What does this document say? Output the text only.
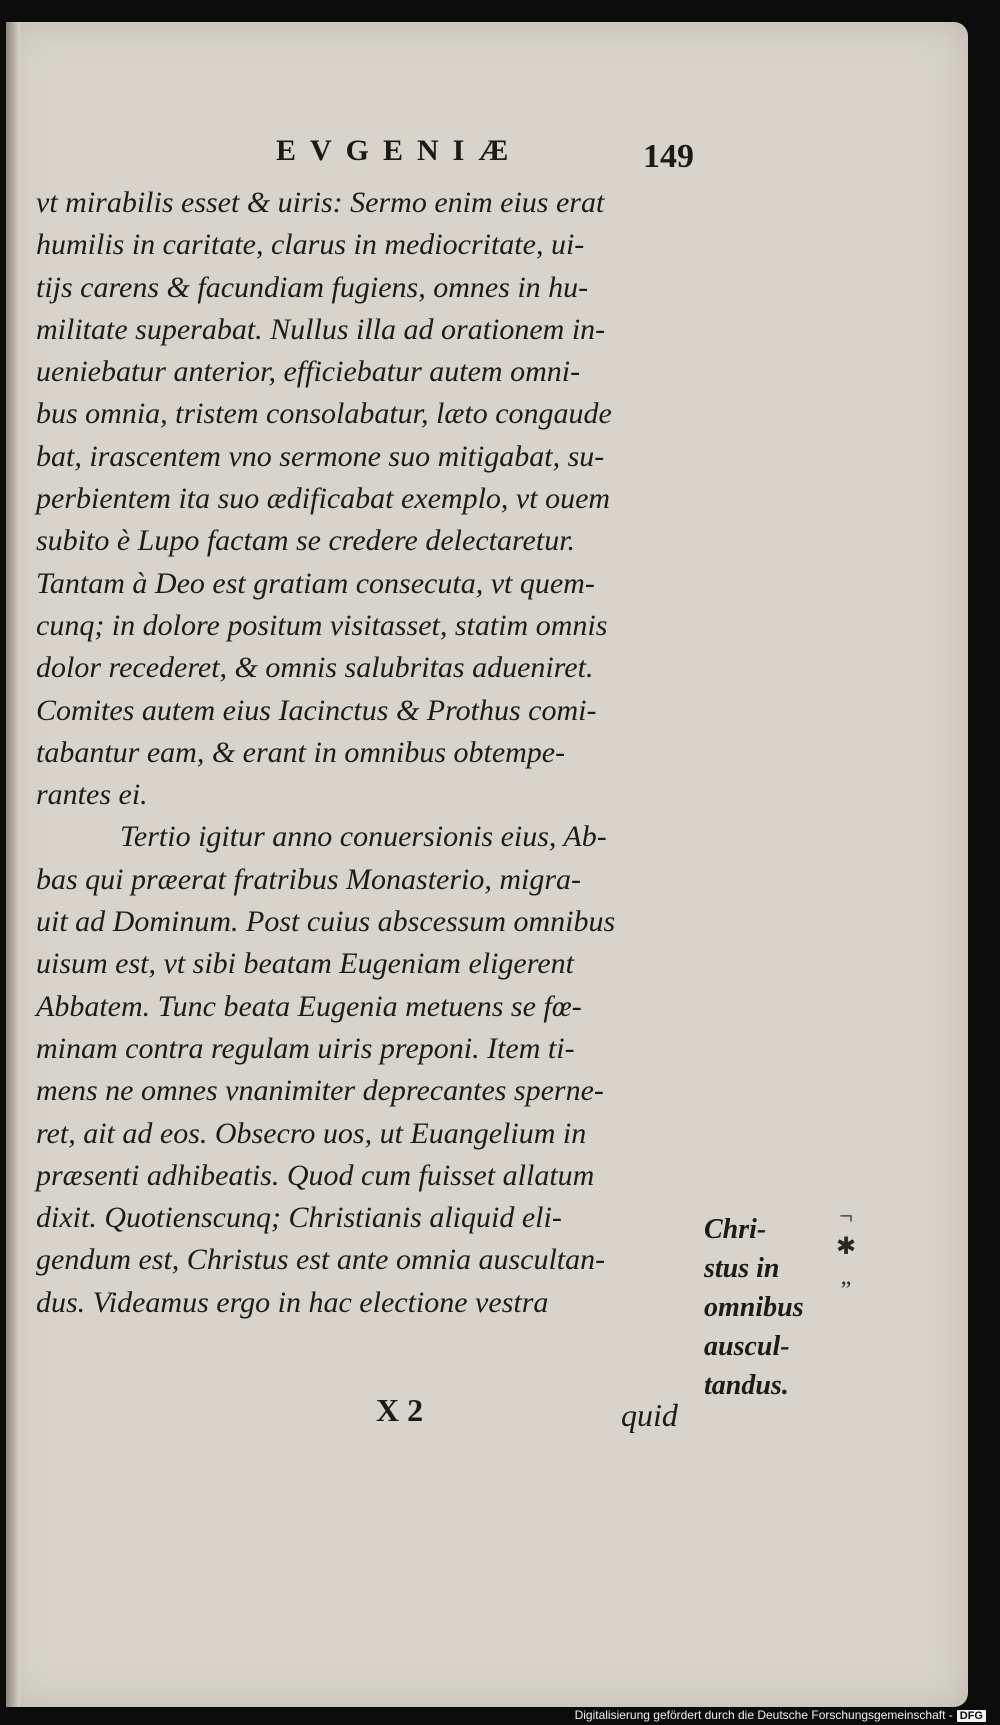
EVGENIÆ	149
vt mirabilis esset & uiris: Sermo enim eius erat
humilis in caritate, clarus in mediocritate, ui-
tijs carens & facundiam fugiens, omnes in hu-
militate superabat. Nullus illa ad orationem in-
ueniebatur anterior, efficiebatur autem omni-
bus omnia, tristem consolabatur, læto congaude
bat, irascentem vno sermone suo mitigabat, su-
perbientem ita suo ædificabat exemplo, vt ouem
subito è Lupo factam se credere delectaretur.
Tantam à Deo est gratiam consecuta, vt quem-
cunq; in dolore positum visitasset, statim omnis
dolor recederet, & omnis salubritas adueniret.
Comites autem eius Iacinctus & Prothus comi-
tabantur eam, & erant in omnibus obtempe-
rantes ei.
Tertio igitur anno conuersionis eius, Ab-
bas qui præerat fratribus Monasterio, migra-
uit ad Dominum. Post cuius abscessum omnibus
uisum est, vt sibi beatam Eugeniam eligerent
Abbatem. Tunc beata Eugenia metuens se fœ-
minam contra regulam uiris preponi. Item ti-
mens ne omnes vnanimiter deprecantes sperne-
ret, ait ad eos. Obsecro uos, ut Euangelium in
præsenti adhibeatis. Quod cum fuisset allatum
dixit. Quotienscunq; Christianis aliquid eli-
gendum est, Christus est ante omnia auscultan-
dus. Videamus ergo in hac electione vestra
Chri-
stus in
omnibus
auscul-
tandus.
¬
✱
„
X 2	quid
Digitalisierung gefördert durch die Deutsche Forschungsgemeinschaft - DFG
